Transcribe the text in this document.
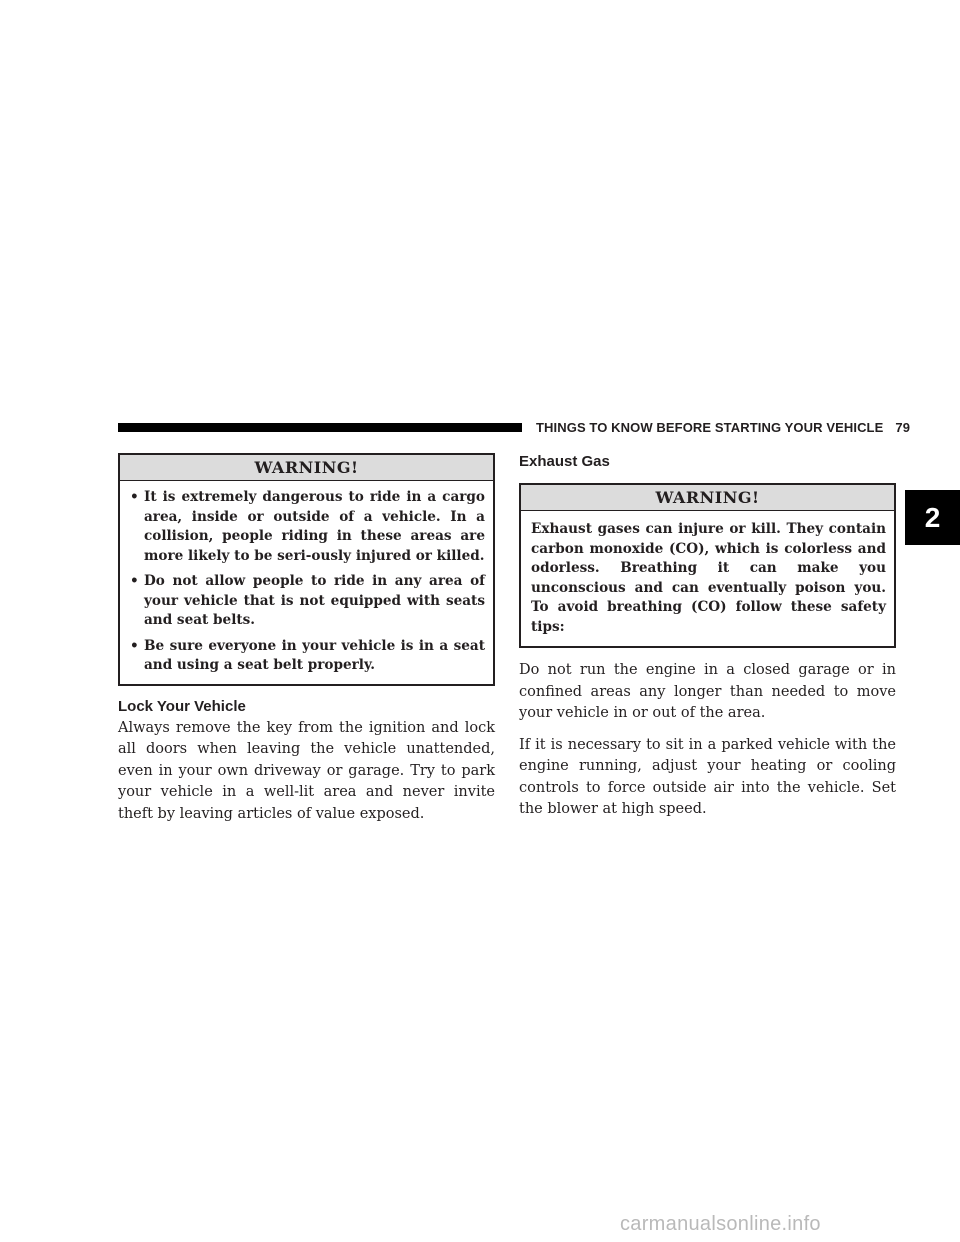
THINGS TO KNOW BEFORE STARTING YOUR VEHICLE 79
2
WARNING!
• It is extremely dangerous to ride in a cargo area, inside or outside of a vehicle. In a collision, people riding in these areas are more likely to be seri-ously injured or killed.
• Do not allow people to ride in any area of your vehicle that is not equipped with seats and seat belts.
• Be sure everyone in your vehicle is in a seat and using a seat belt properly.
Lock Your Vehicle

Always remove the key from the ignition and lock all doors when leaving the vehicle unattended, even in your own driveway or garage. Try to park your vehicle in a well-lit area and never invite theft by leaving articles of value exposed.

Exhaust Gas
WARNING!

Exhaust gases can injure or kill. They contain carbon monoxide (CO), which is colorless and odorless. Breathing it can make you unconscious and can eventually poison you. To avoid breathing (CO) follow these safety tips:

Do not run the engine in a closed garage or in confined areas any longer than needed to move your vehicle in or out of the area.

If it is necessary to sit in a parked vehicle with the engine running, adjust your heating or cooling controls to force outside air into the vehicle. Set the blower at high speed.

carmanualsonline.info
